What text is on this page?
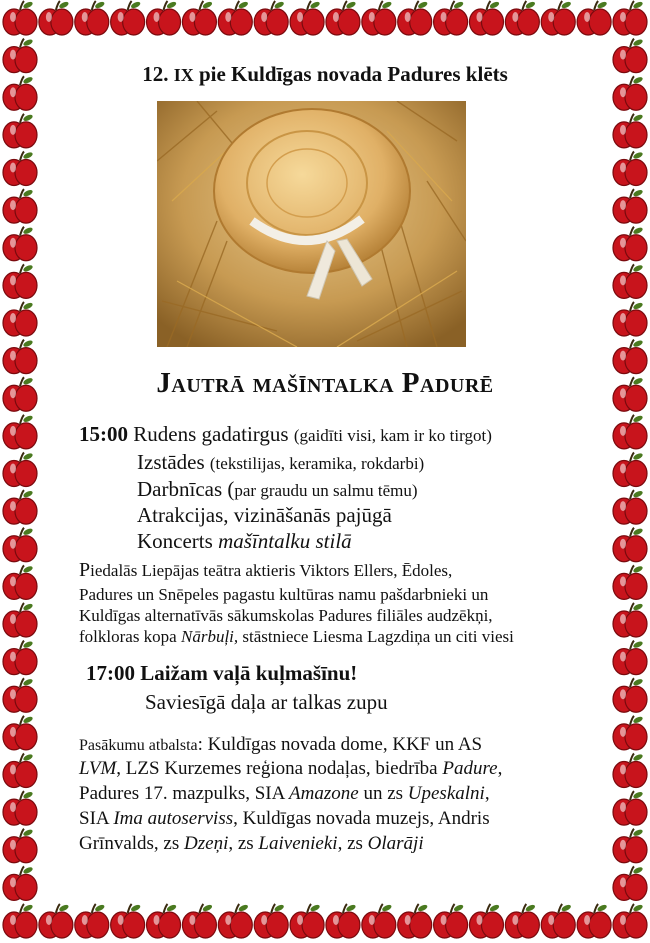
12. IX pie Kuldīgas novada Padures klēts
Jautrā mašīntalka Padurē
15:00 Rudens gadatirgus (gaidīti visi, kam ir ko tirgot)
Izstādes (tekstilijas, keramika, rokdarbi)
Darbnīcas (par graudu un salmu tēmu)
Atrakcijas, vizināšanās pajūgā
Koncerts mašīntalku stilā
Piedalās Liepājas teātra aktieris Viktors Ellers, Ēdoles,
Padures un Snēpeles pagastu kultūras namu pašdarbnieki un
Kuldīgas alternatīvās sākumskolas Padures filiāles audzēkņi,
folkloras kopa Nārbuļi, stāstniece Liesma Lagzdiņa un citi viesi
17:00 Laižam vaļā kuļmašīnu!
Saviesīgā daļa ar talkas zupu
Pasākumu atbalsta: Kuldīgas novada dome, KKF un AS
LVM, LZS Kurzemes reģiona nodaļas, biedrība Padure,
Padures 17. mazpulks, SIA Amazone un zs Upeskalni,
SIA Ima autoserviss, Kuldīgas novada muzejs, Andris
Grīnvalds, zs Dzeņi, zs Laivenieki, zs Olarāji
